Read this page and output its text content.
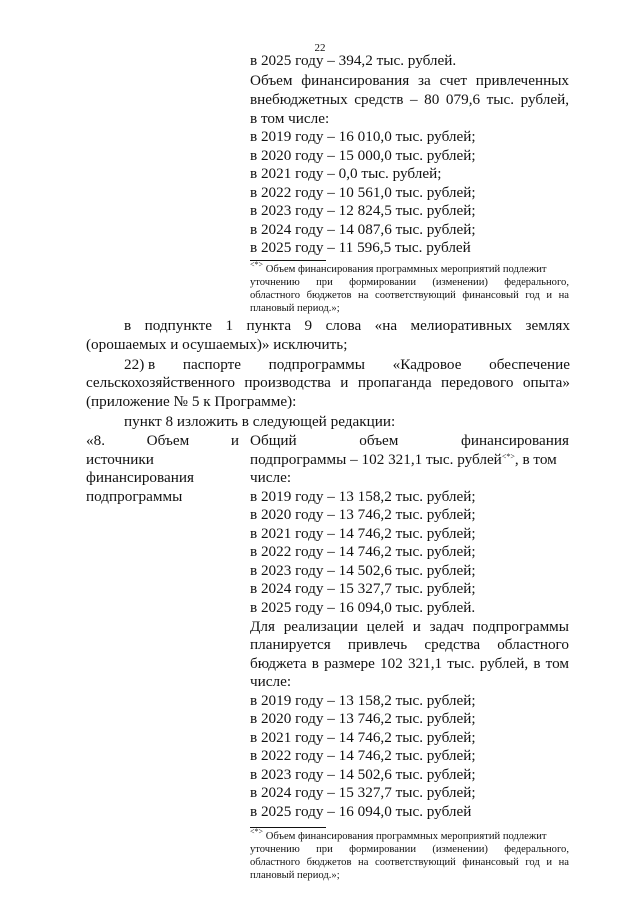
22
в 2025 году – 394,2 тыс. рублей.
Объем финансирования за счет привлеченных
внебюджетных средств – 80 079,6 тыс. рублей,
в том числе:
в 2019 году – 16 010,0 тыс. рублей;
в 2020 году – 15 000,0 тыс. рублей;
в 2021 году – 0,0 тыс. рублей;
в 2022 году – 10 561,0 тыс. рублей;
в 2023 году – 12 824,5 тыс. рублей;
в 2024 году – 14 087,6 тыс. рублей;
в 2025 году – 11 596,5 тыс. рублей
<*> Объем финансирования программных мероприятий подлежит
уточнению при формировании (изменении) федерального,
областного бюджетов на соответствующий финансовый год и на
плановый период.»;
в подпункте 1 пункта 9 слова «на мелиоративных землях
(орошаемых и осушаемых)» исключить;
22) в паспорте подпрограммы «Кадровое обеспечение
сельскохозяйственного производства и пропаганда передового опыта»
(приложение № 5 к Программе):
пункт 8 изложить в следующей редакции:
«8.	Объем	и
источники
финансирования
подпрограммы
Общий	объем	финансирования
подпрограммы – 102 321,1 тыс. рублей<*>, в том
числе:
в 2019 году – 13 158,2 тыс. рублей;
в 2020 году – 13 746,2 тыс. рублей;
в 2021 году – 14 746,2 тыс. рублей;
в 2022 году – 14 746,2 тыс. рублей;
в 2023 году – 14 502,6 тыс. рублей;
в 2024 году – 15 327,7 тыс. рублей;
в 2025 году – 16 094,0 тыс. рублей.
Для реализации целей и задач подпрограммы
планируется привлечь средства областного
бюджета в размере 102 321,1 тыс. рублей, в том
числе:
в 2019 году – 13 158,2 тыс. рублей;
в 2020 году – 13 746,2 тыс. рублей;
в 2021 году – 14 746,2 тыс. рублей;
в 2022 году – 14 746,2 тыс. рублей;
в 2023 году – 14 502,6 тыс. рублей;
в 2024 году – 15 327,7 тыс. рублей;
в 2025 году – 16 094,0 тыс. рублей
<*> Объем финансирования программных мероприятий подлежит
уточнению при формировании (изменении) федерального,
областного бюджетов на соответствующий финансовый год и на
плановый период.»;
